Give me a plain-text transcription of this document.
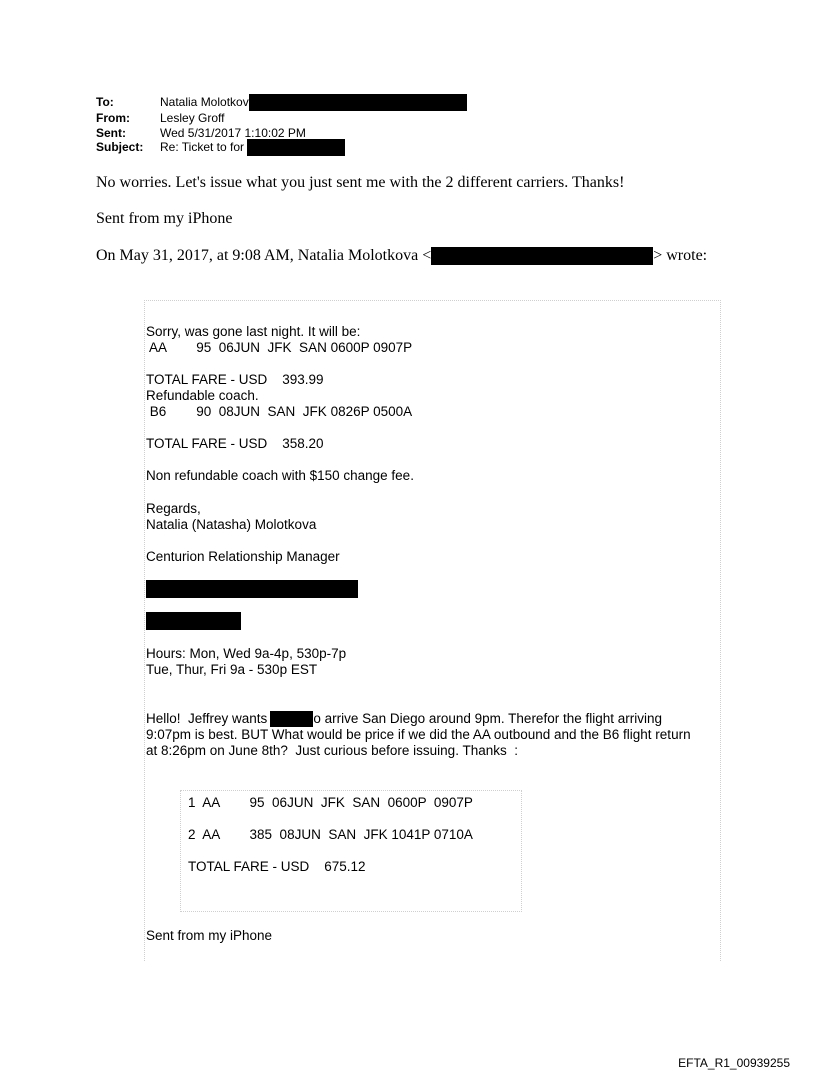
To:	Natalia Molotkov
From:	Lesley Groff
Sent:	Wed 5/31/2017 1:10:02 PM
Subject:	Re: Ticket to for
No worries. Let's issue what you just sent me with the 2 different carriers. Thanks!
Sent from my iPhone
On May 31, 2017, at 9:08 AM, Natalia Molotkova <	> wrote:
Sorry, was gone last night. It will be:
AA        95  06JUN  JFK  SAN 0600P 0907P
TOTAL FARE - USD    393.99
Refundable coach.
B6        90  08JUN  SAN  JFK 0826P 0500A
TOTAL FARE - USD    358.20
Non refundable coach with $150 change fee.
Regards,
Natalia (Natasha) Molotkova
Centurion Relationship Manager
Hours: Mon, Wed 9a-4p, 530p-7p
Tue, Thur, Fri 9a - 530p EST
Hello!  Jeffrey wants	o arrive San Diego around 9pm. Therefor the flight arriving
9:07pm is best. BUT What would be price if we did the AA outbound and the B6 flight return
at 8:26pm on June 8th?  Just curious before issuing. Thanks  :
1  AA        95  06JUN  JFK  SAN  0600P  0907P
2  AA        385  08JUN  SAN  JFK 1041P 0710A
TOTAL FARE - USD    675.12
Sent from my iPhone
EFTA_R1_00939255
